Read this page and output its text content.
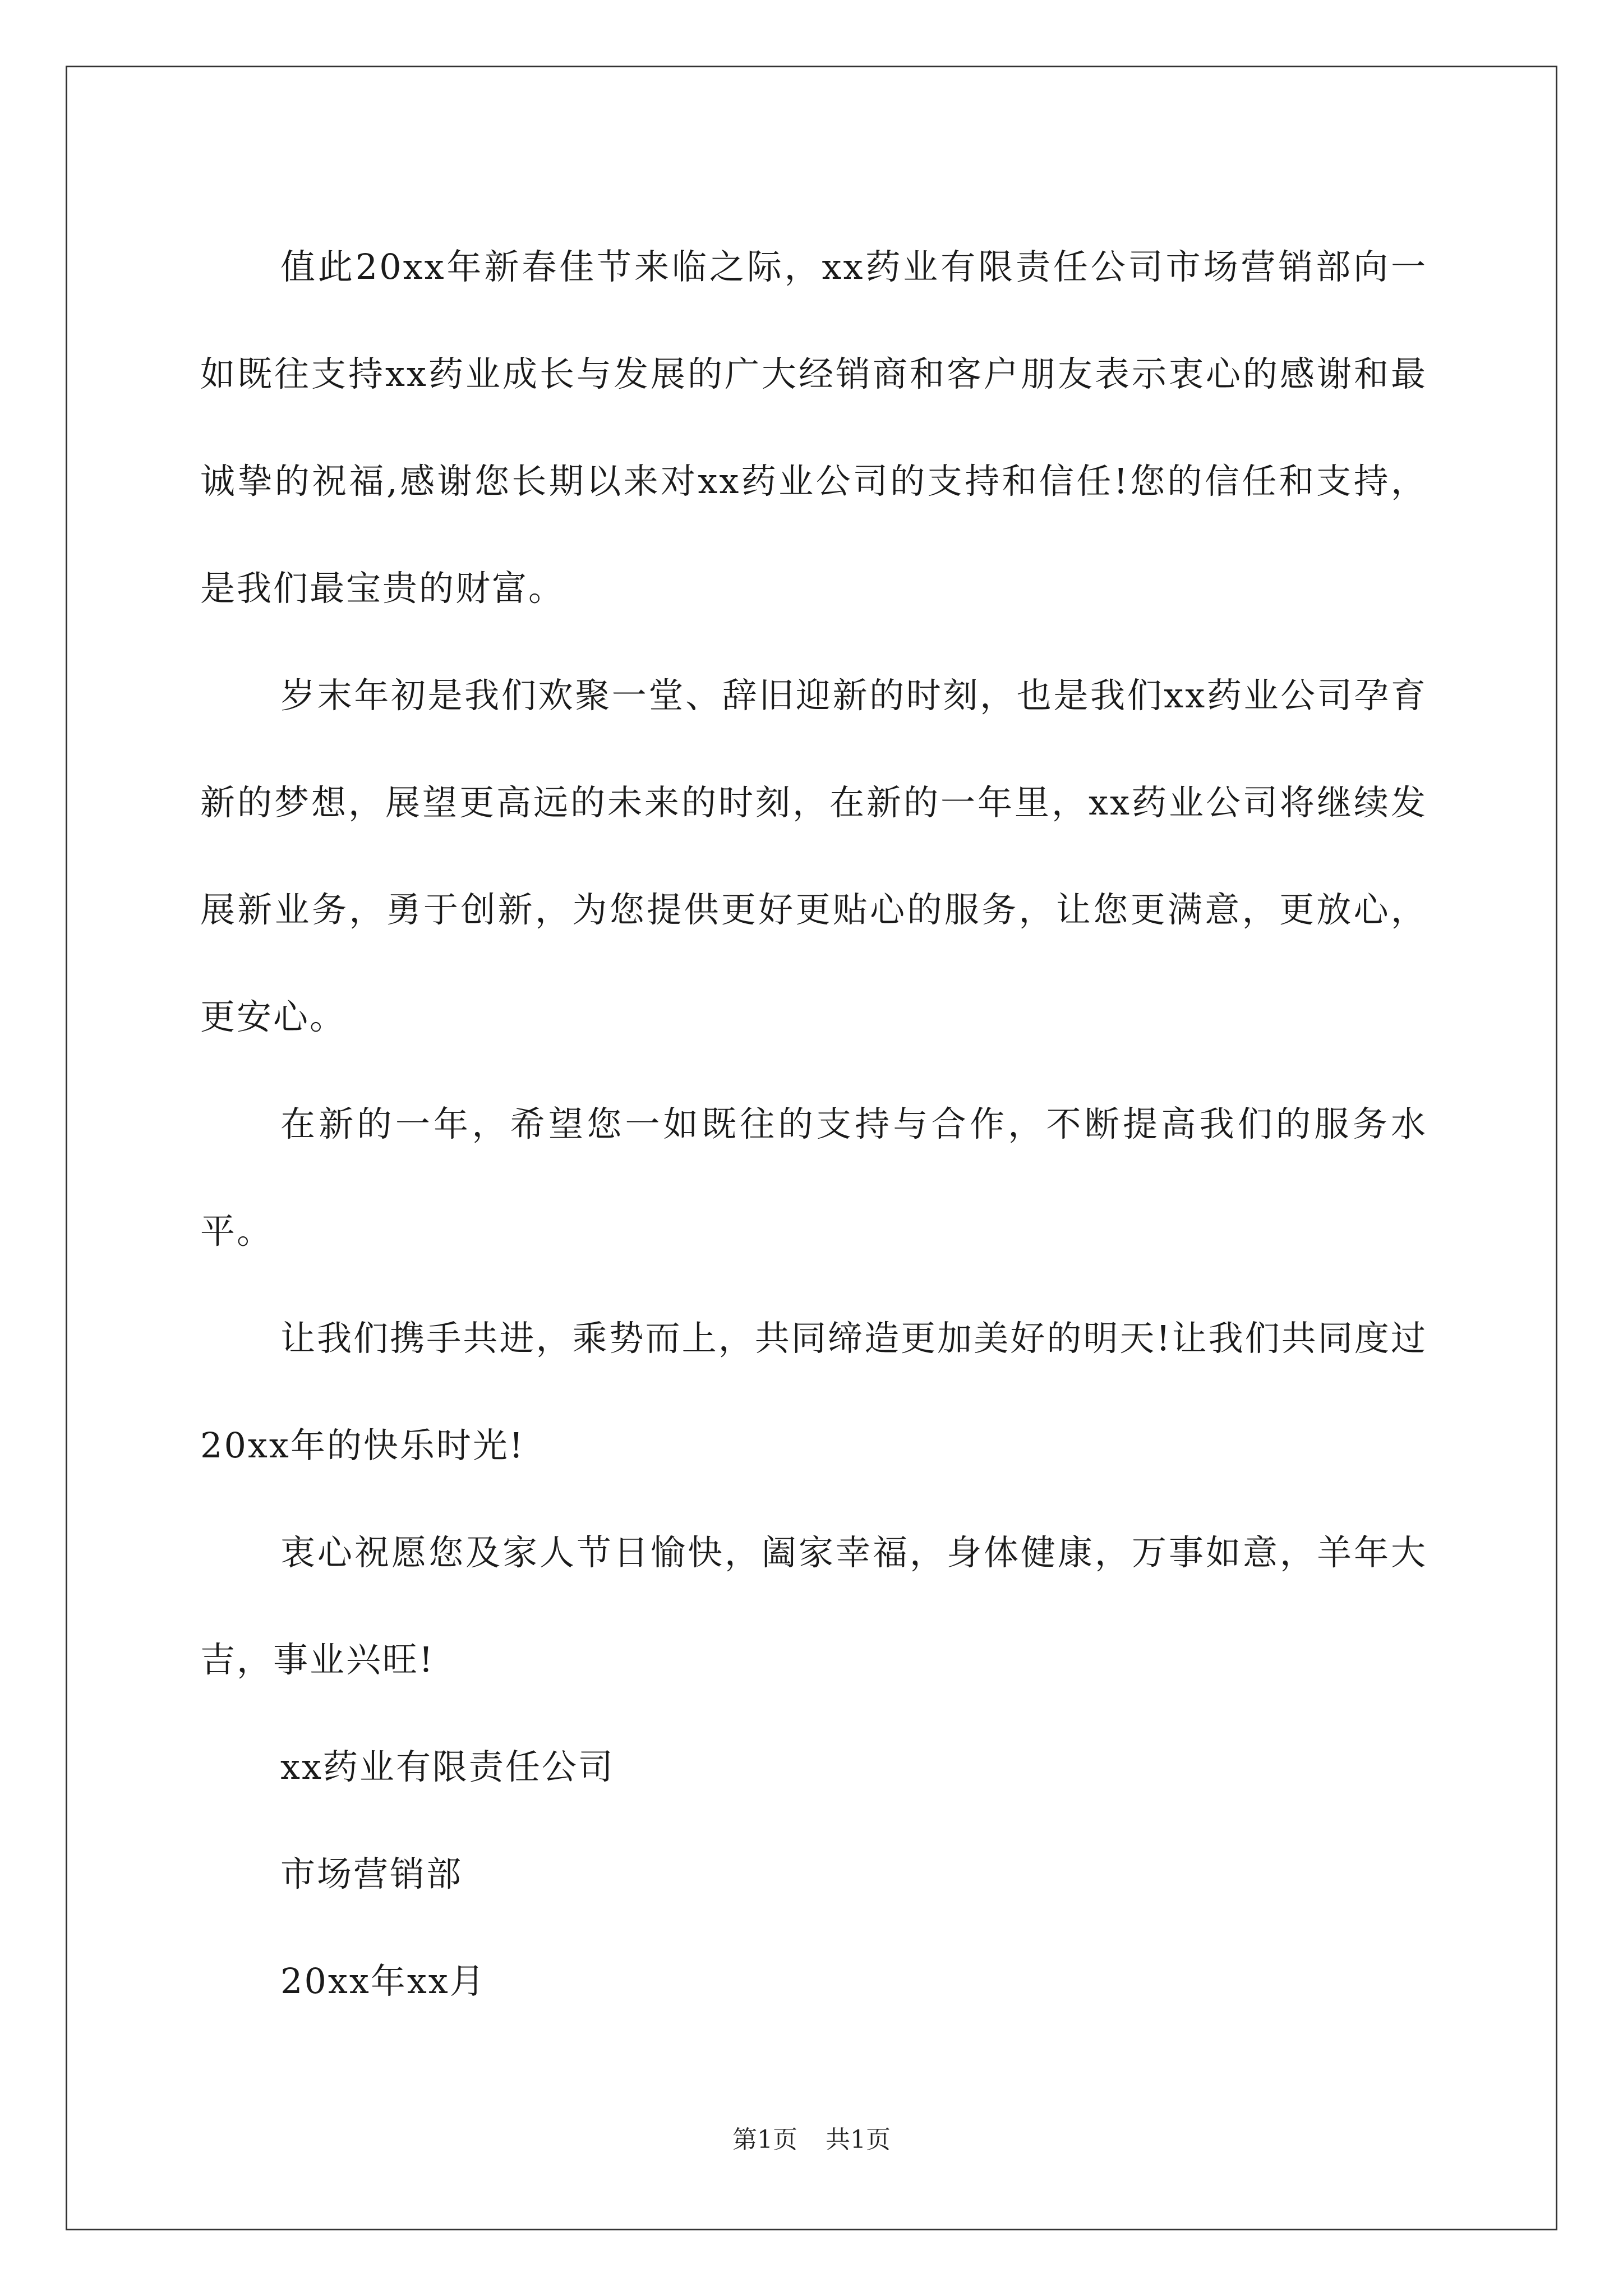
值此20xx年新春佳节来临之际，xx药业有限责任公司市场营销部向一如既往支持xx药业成长与发展的广大经销商和客户朋友表示衷心的感谢和最诚挚的祝福,感谢您长期以来对xx药业公司的支持和信任!您的信任和支持，是我们最宝贵的财富。

岁末年初是我们欢聚一堂、辞旧迎新的时刻，也是我们xx药业公司孕育新的梦想，展望更高远的未来的时刻，在新的一年里，xx药业公司将继续发展新业务，勇于创新，为您提供更好更贴心的服务，让您更满意，更放心，更安心。

在新的一年，希望您一如既往的支持与合作，不断提高我们的服务水平。

让我们携手共进，乘势而上，共同缔造更加美好的明天!让我们共同度过20xx年的快乐时光!

衷心祝愿您及家人节日愉快，阖家幸福，身体健康，万事如意，羊年大吉，事业兴旺!

xx药业有限责任公司

市场营销部

20xx年xx月

第1页 共1页
